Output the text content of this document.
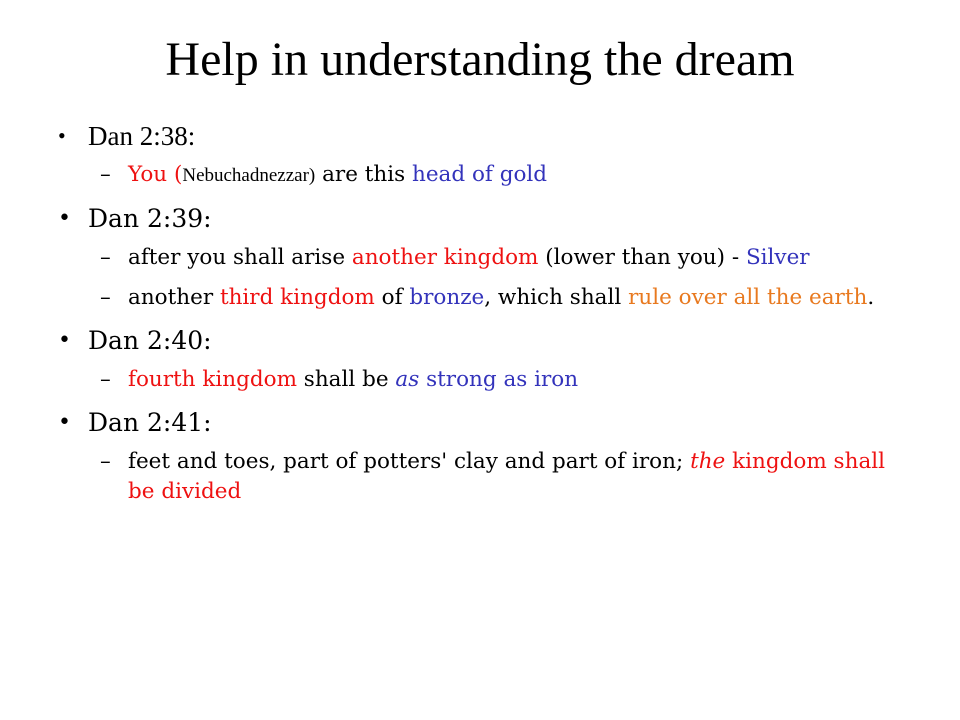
Help in understanding the dream
• Dan 2:38:
– You (Nebuchadnezzar) are this head of gold
• Dan 2:39:
– after you shall arise another kingdom (lower than you) - Silver
– another third kingdom of bronze, which shall rule over all the earth.
• Dan 2:40:
– fourth kingdom shall be as strong as iron
• Dan 2:41:
– feet and toes, part of potters' clay and part of iron; the kingdom shall be divided
